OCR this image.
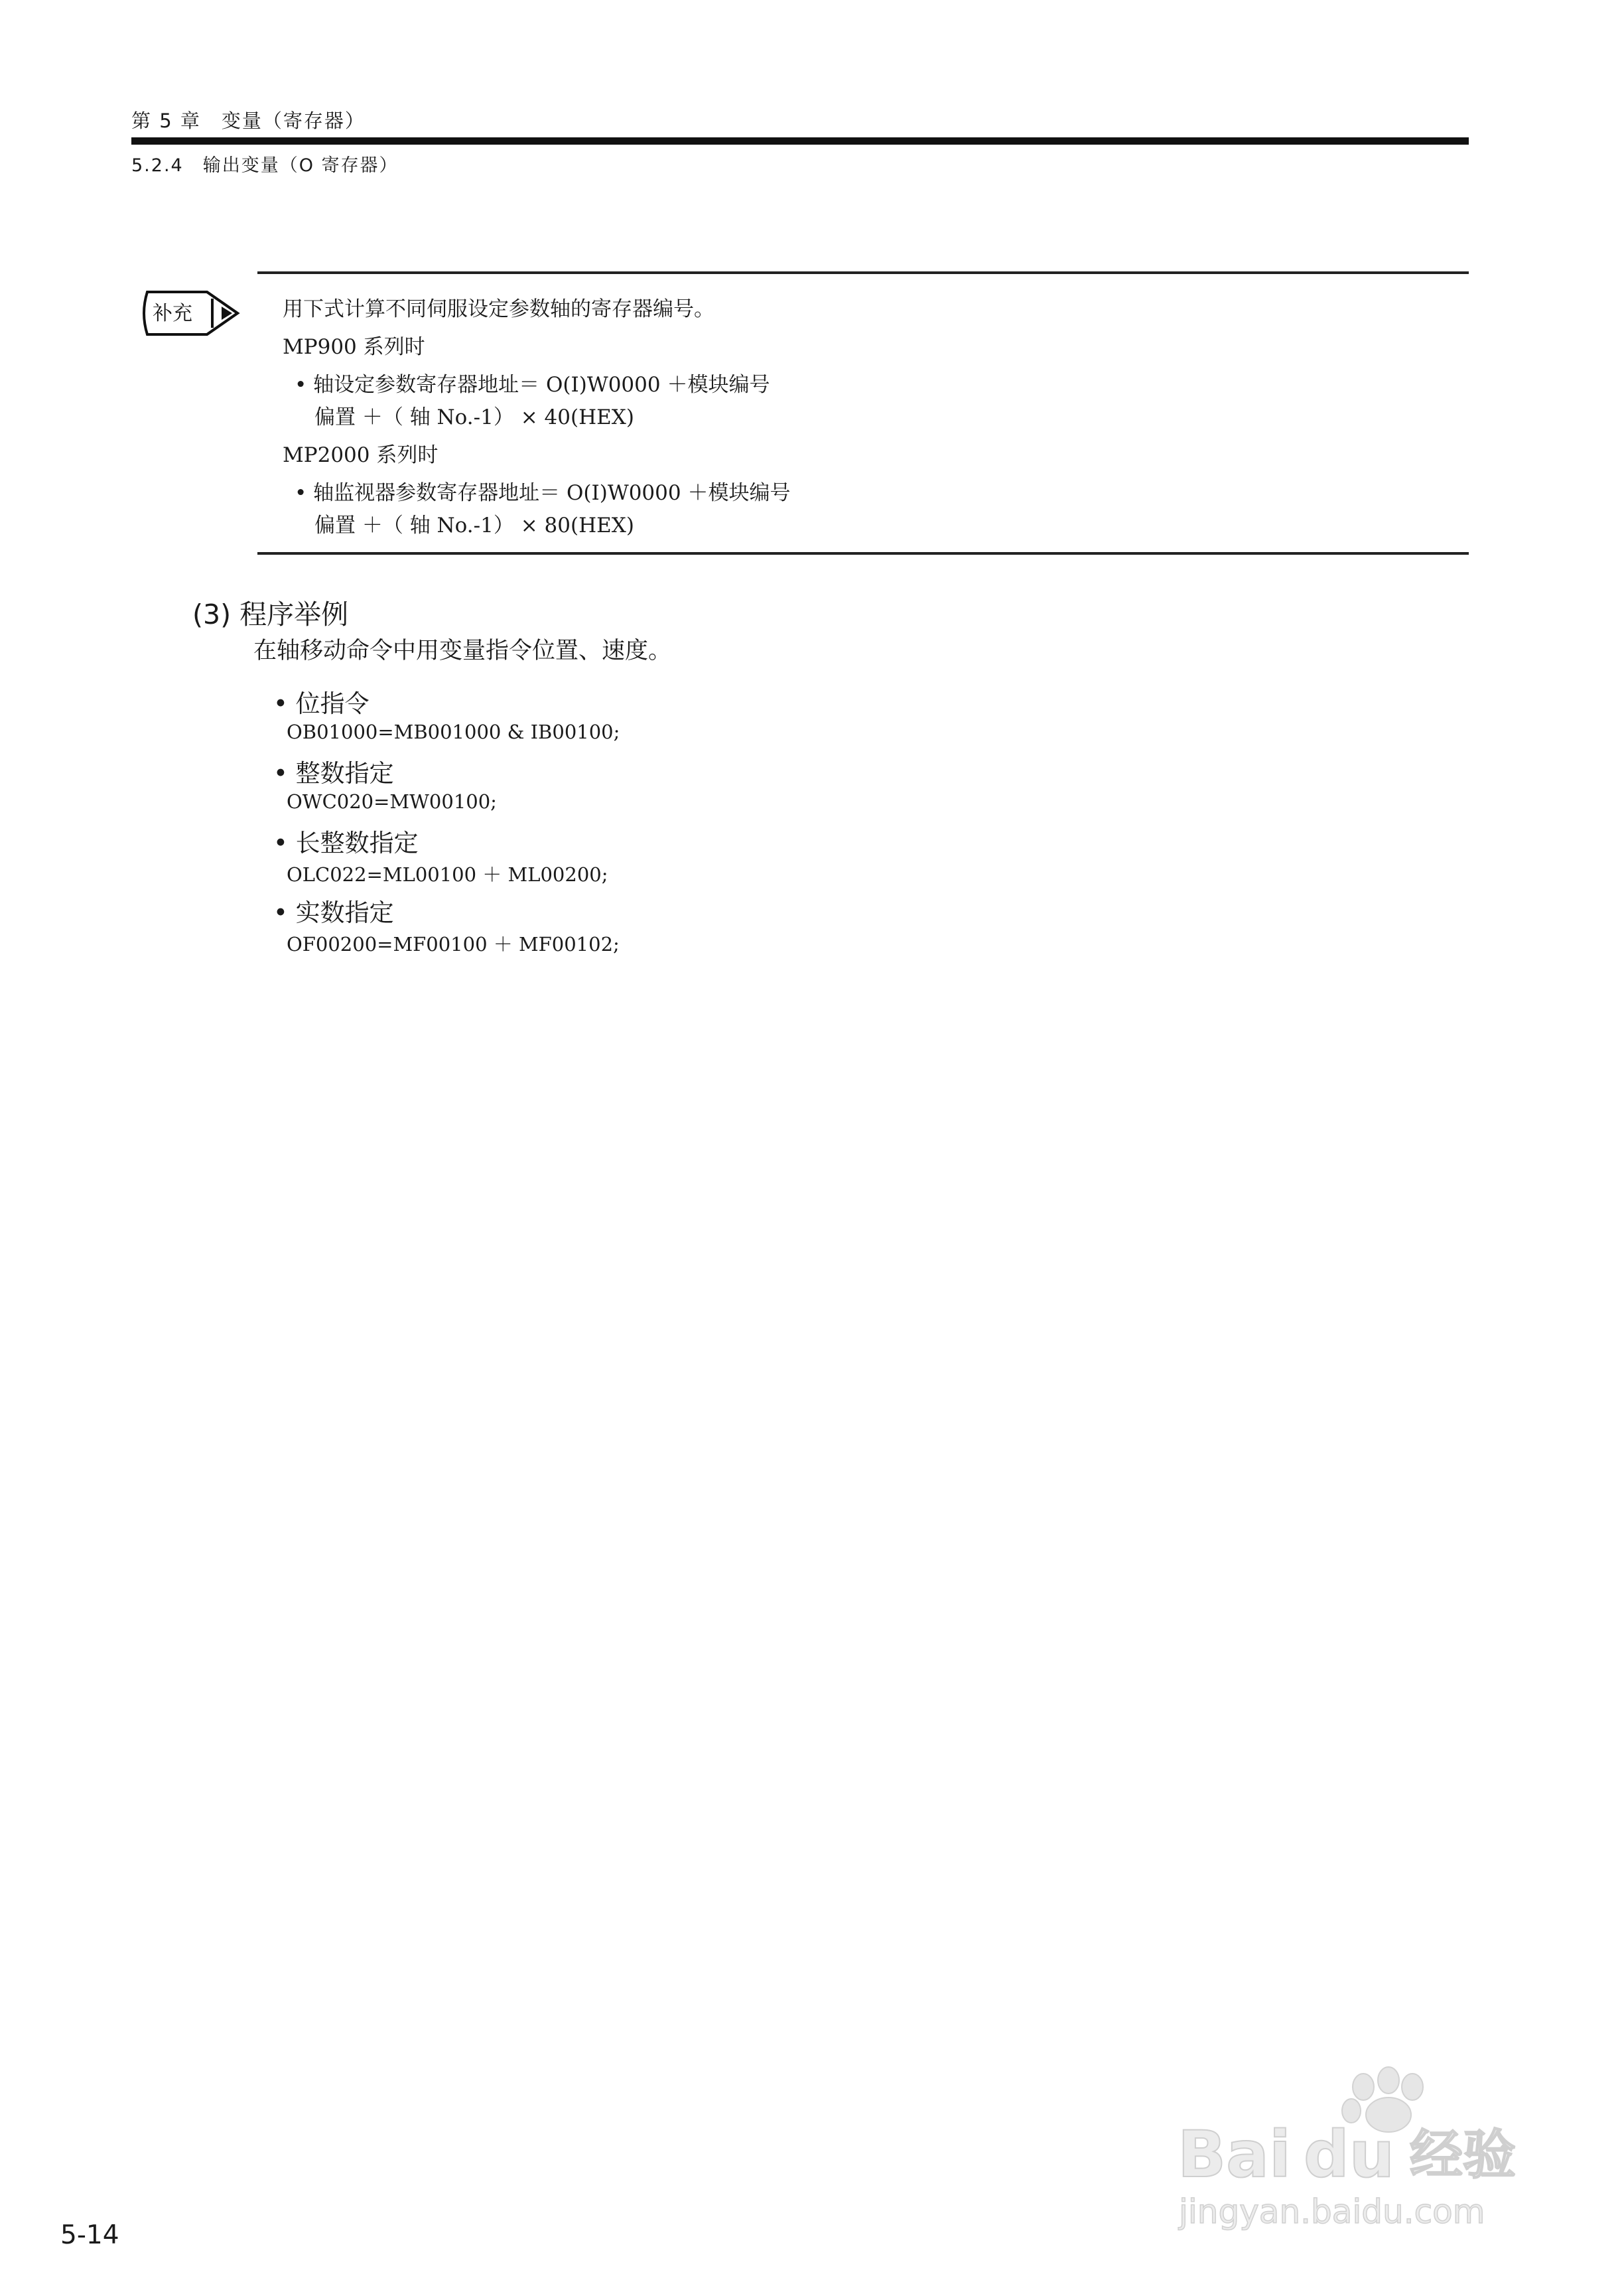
第 5 章　变量（寄存器）
5.2.4　输出变量（O 寄存器）
补充	用下式计算不同伺服设定参数轴的寄存器编号。
MP900 系列时
• 轴设定参数寄存器地址＝ O(I)W0000 ＋模块编号
偏置 ＋（ 轴 No.-1） × 40(HEX)
MP2000 系列时
• 轴监视器参数寄存器地址＝ O(I)W0000 ＋模块编号
偏置 ＋（ 轴 No.-1） × 80(HEX)
(3) 程序举例
在轴移动命令中用变量指令位置、速度。
• 位指令
OB01000=MB001000 & IB00100;
• 整数指定
OWC020=MW00100;
• 长整数指定
OLC022=ML00100 ＋ ML00200;
• 实数指定
OF00200=MF00100 ＋ MF00102;
5-14
Bai du 经验
jingyan.baidu.com
